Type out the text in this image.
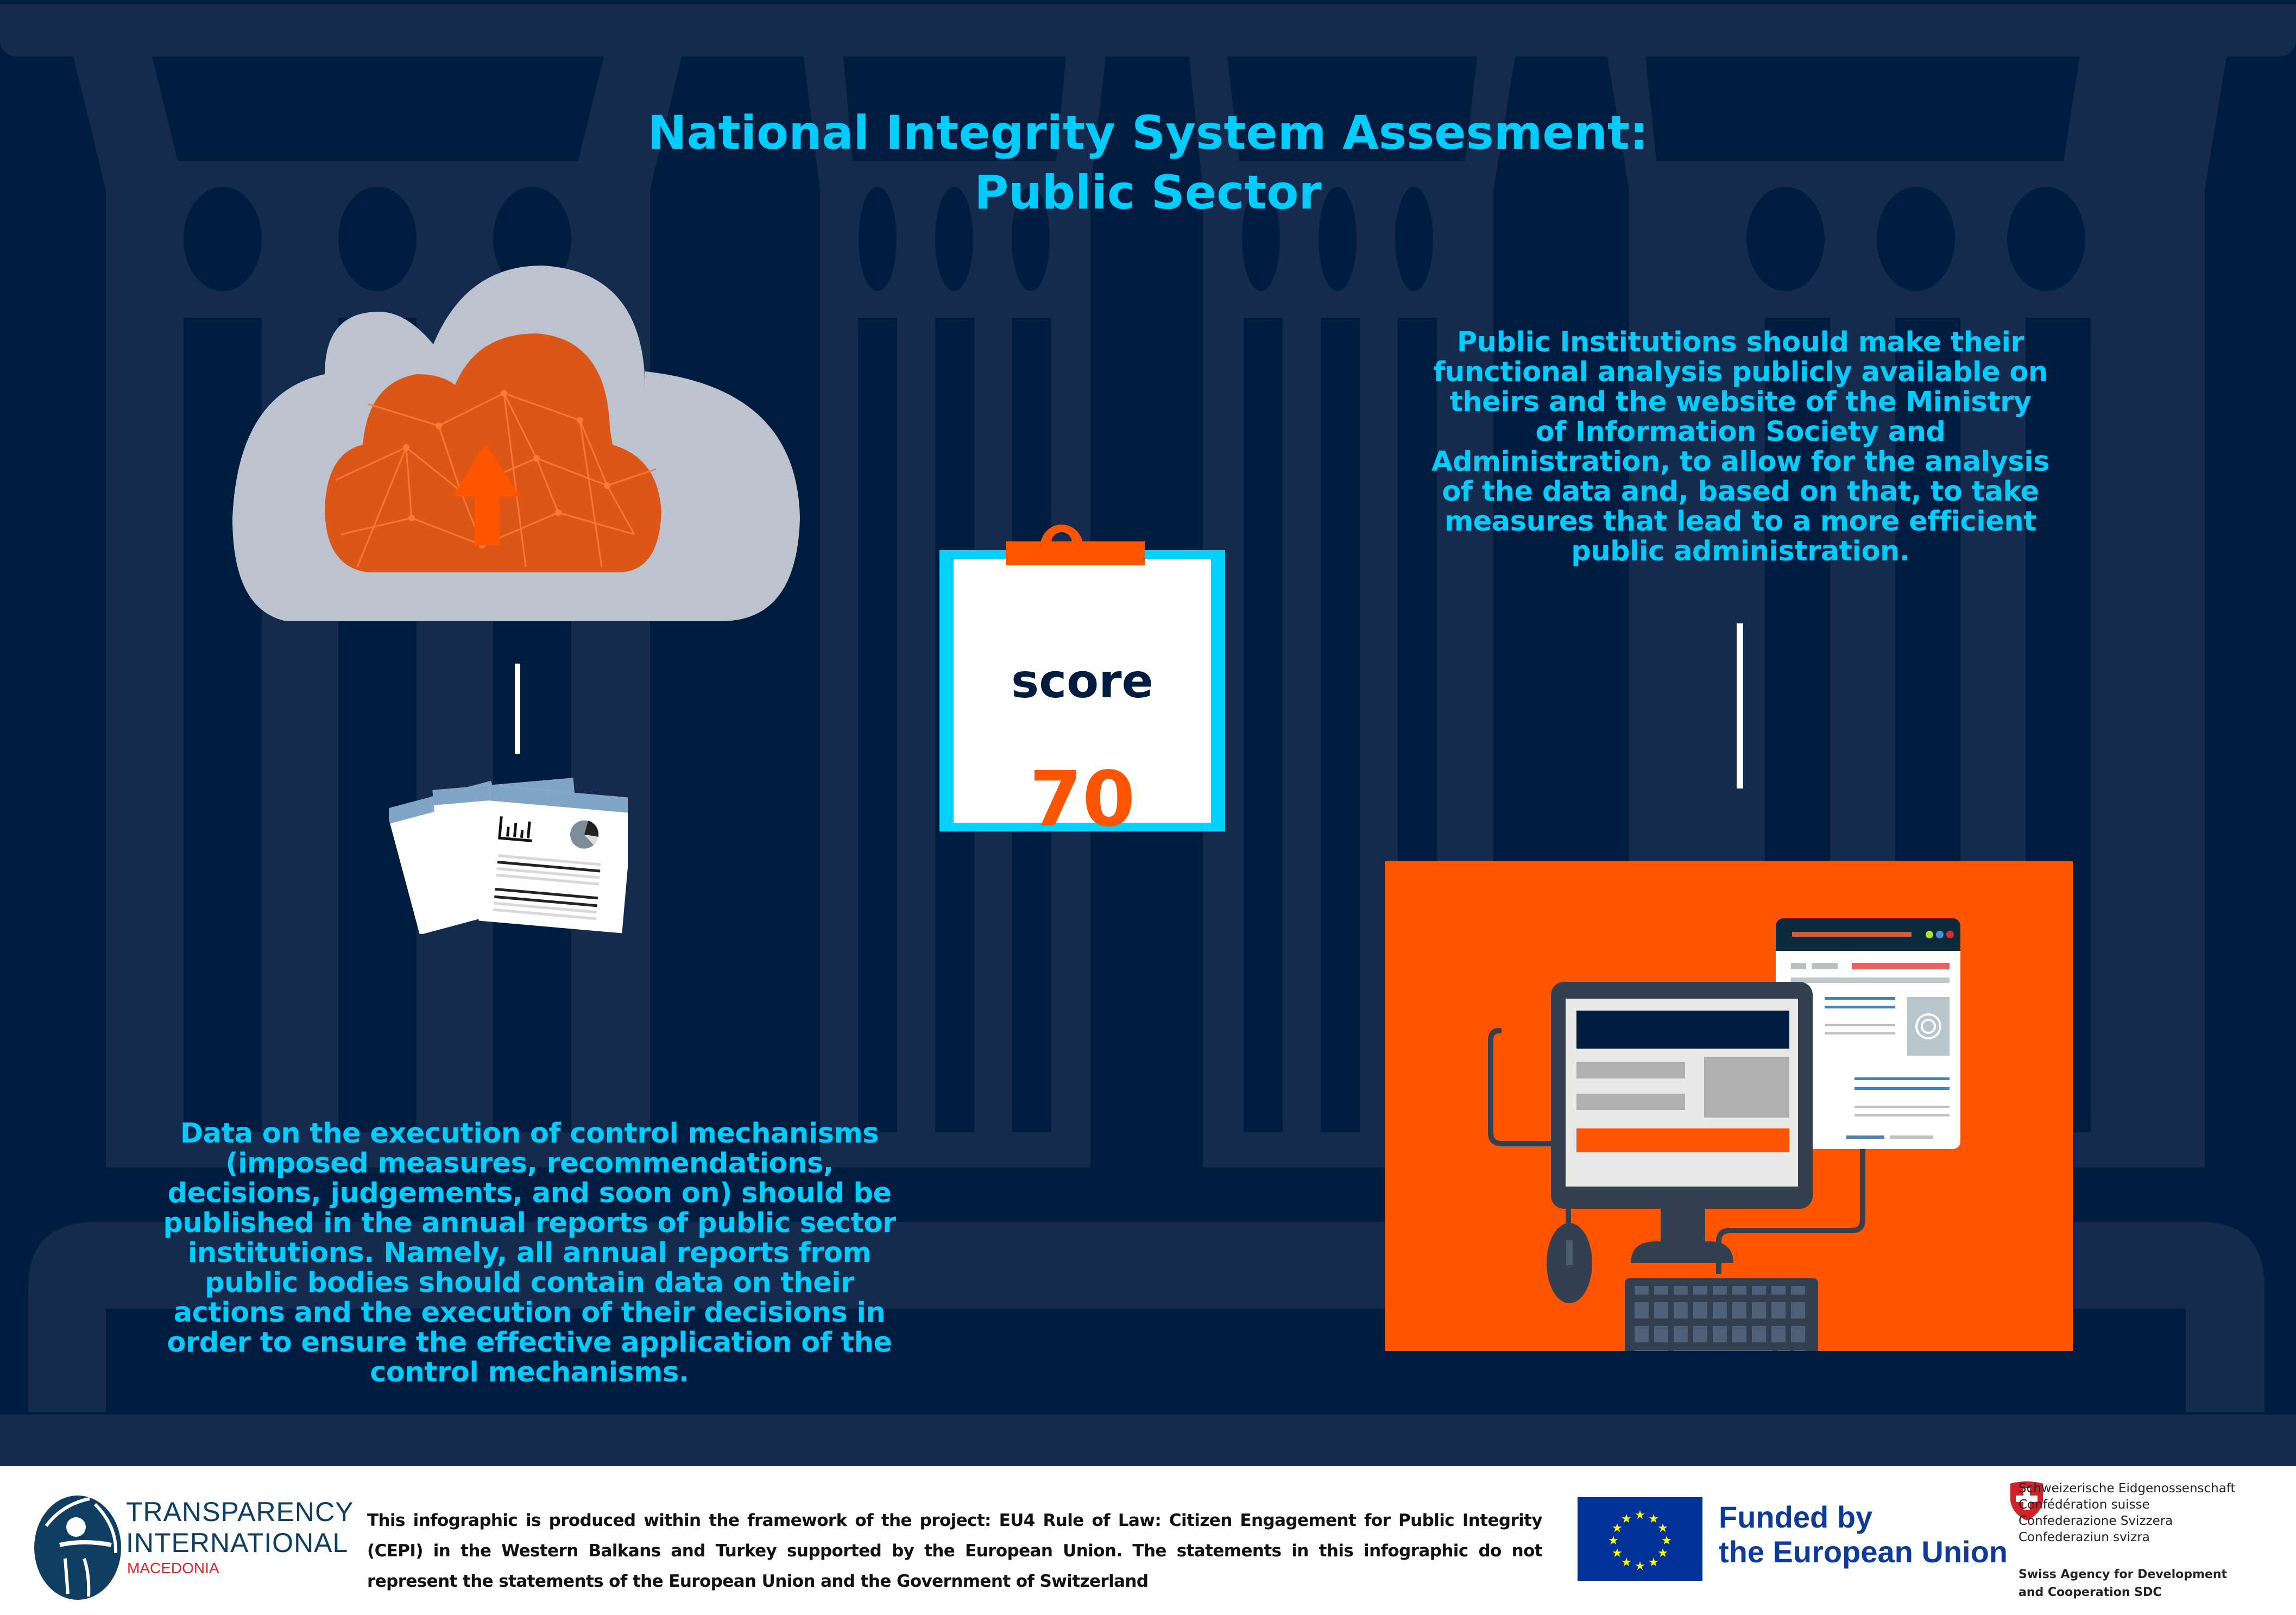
National Integrity System Assesment:
Public Sector
Data on the execution of control mechanisms
(imposed measures, recommendations,
decisions, judgements, and soon on) should be
published in the annual reports of public sector
institutions. Namely, all annual reports from
public bodies should contain data on their
actions and the execution of their decisions in
order to ensure the effective application of the
control mechanisms.
score
70
Public Institutions should make their
functional analysis publicly available on
theirs and the website of the Ministry
of Information Society and
Administration, to allow for the analysis
of the data and, based on that, to take
measures that lead to a more efficient
public administration.
TRANSPARENCY
INTERNATIONAL
MACEDONIA
This infographic is produced within the framework of the project: EU4 Rule of Law: Citizen Engagement for Public Integrity (CEPI) in the Western Balkans and Turkey supported by the European Union. The statements in this infographic do not represent the statements of the European Union and the Government of Switzerland
★ ★
★
★
★
★
★
★
★
★
★
★	Funded by
the European Union
Schweizerische Eidgenossenschaft
Confédération suisse
Confederazione Svizzera
Confederaziun svizra
Swiss Agency for Development
and Cooperation SDC
